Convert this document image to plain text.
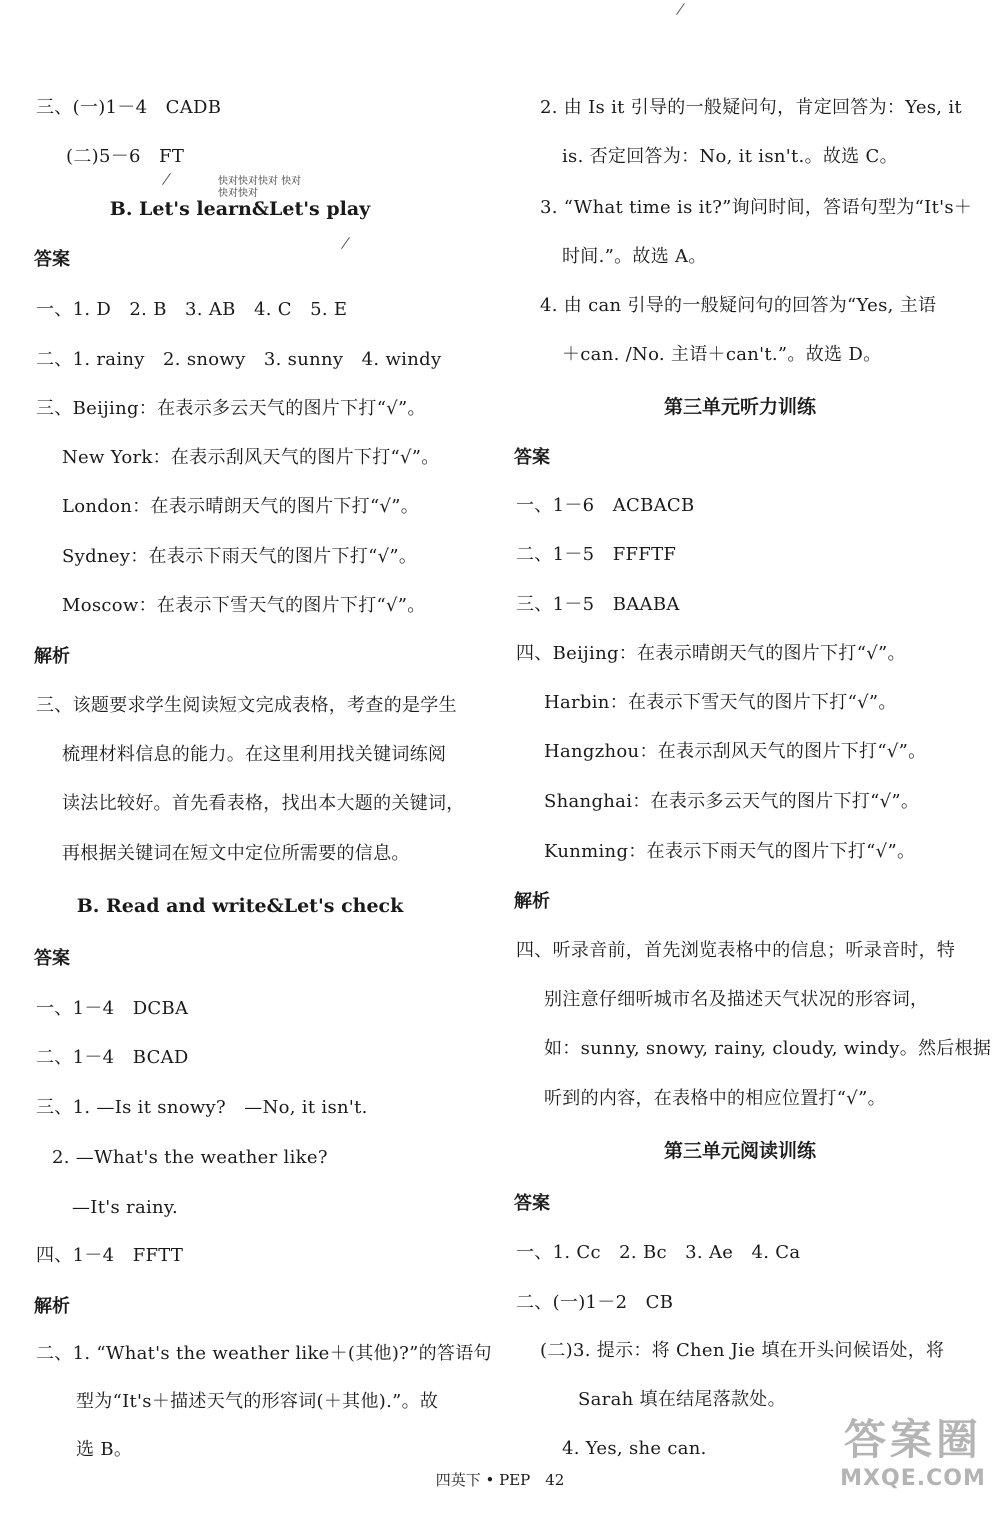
三、(一)1－4　CADB
(二)5－6　FT
快对快对快对 快对快对快对
B. Let's learn&Let's play
答案
一、1. D　2. B　3. AB　4. C　5. E
二、1. rainy　2. snowy　3. sunny　4. windy
三、Beijing：在表示多云天气的图片下打“√”。
New York：在表示刮风天气的图片下打“√”。
London：在表示晴朗天气的图片下打“√”。
Sydney：在表示下雨天气的图片下打“√”。
Moscow：在表示下雪天气的图片下打“√”。
解析
三、该题要求学生阅读短文完成表格，考查的是学生
梳理材料信息的能力。在这里利用找关键词练阅
读法比较好。首先看表格，找出本大题的关键词，
再根据关键词在短文中定位所需要的信息。
B. Read and write&Let's check
答案
一、1－4　DCBA
二、1－4　BCAD
三、1. —Is it snowy?　—No, it isn't.
2. —What's the weather like?
—It's rainy.
四、1－4　FFTT
解析
二、1. “What's the weather like＋(其他)?”的答语句
型为“It's＋描述天气的形容词(＋其他).”。故
选 B。
2. 由 Is it 引导的一般疑问句，肯定回答为：Yes, it
is. 否定回答为：No, it isn't.。故选 C。
3. “What time is it?”询问时间，答语句型为“It's＋
时间.”。故选 A。
4. 由 can 引导的一般疑问句的回答为“Yes, 主语
＋can. /No. 主语＋can't.”。故选 D。
第三单元听力训练
答案
一、1－6　ACBACB
二、1－5　FFFTF
三、1－5　BAABA
四、Beijing：在表示晴朗天气的图片下打“√”。
Harbin：在表示下雪天气的图片下打“√”。
Hangzhou：在表示刮风天气的图片下打“√”。
Shanghai：在表示多云天气的图片下打“√”。
Kunming：在表示下雨天气的图片下打“√”。
解析
四、听录音前，首先浏览表格中的信息；听录音时，特
别注意仔细听城市名及描述天气状况的形容词，
如：sunny, snowy, rainy, cloudy, windy。然后根据
听到的内容，在表格中的相应位置打“√”。
第三单元阅读训练
答案
一、1. Cc　2. Bc　3. Ae　4. Ca
二、(一)1－2　CB
(二)3. 提示：将 Chen Jie 填在开头问候语处，将
Sarah 填在结尾落款处。
4. Yes, she can.
四英下 • PEP　42
答案圈
MXQE.COM
